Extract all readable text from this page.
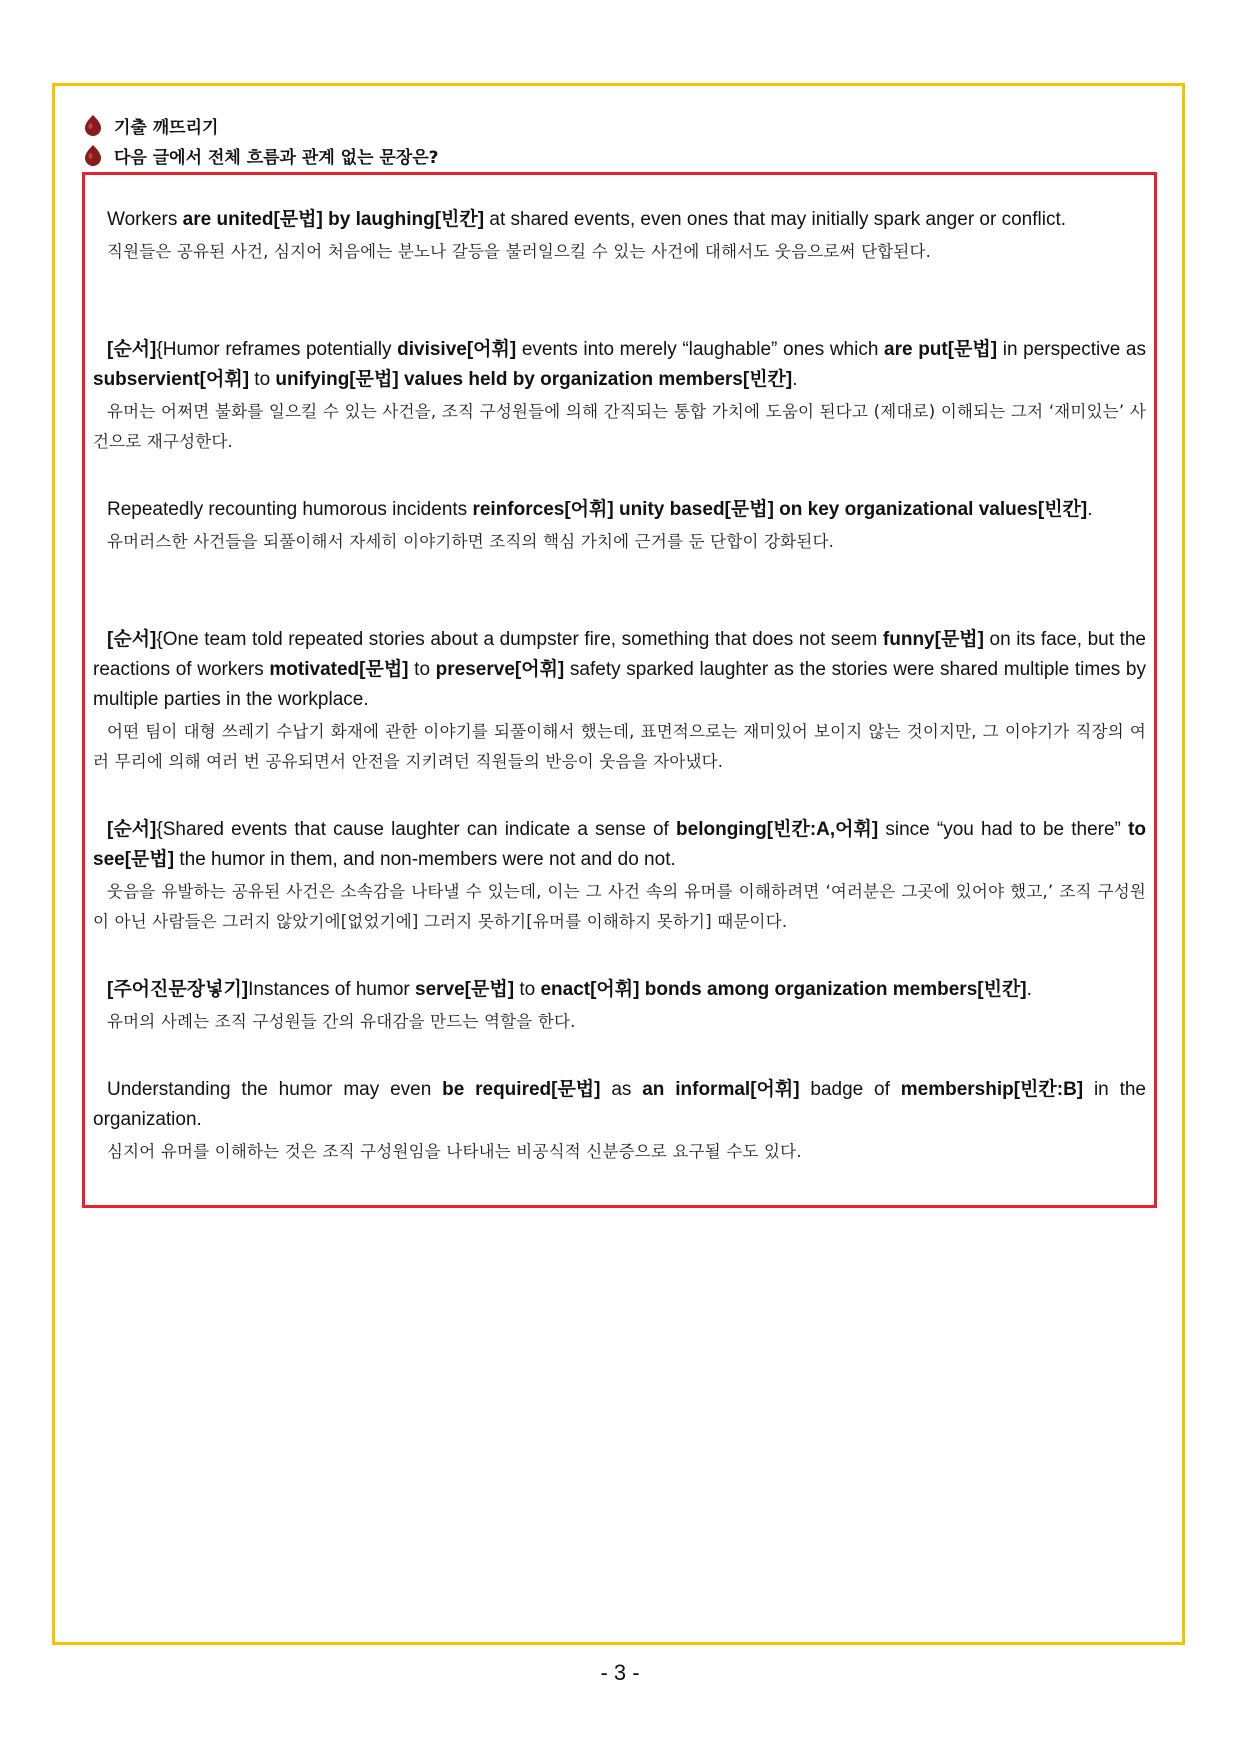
기출 깨뜨리기
다음 글에서 전체 흐름과 관계 없는 문장은?

Workers are united[문법] by laughing[빈칸] at shared events, even ones that may initially spark anger or conflict.

직원들은 공유된 사건, 심지어 처음에는 분노나 갈등을 불러일으킬 수 있는 사건에 대해서도 웃음으로써 단합된다.

[순서]{Humor reframes potentially divisive[어휘] events into merely “laughable” ones which are put[문법] in perspective as subservient[어휘] to unifying[문법] values held by organization members[빈칸].

유머는 어쩌면 불화를 일으킬 수 있는 사건을, 조직 구성원들에 의해 간직되는 통합 가치에 도움이 된다고 (제대로) 이해되는 그저 ‘재미있는’ 사건으로 재구성한다.

Repeatedly recounting humorous incidents reinforces[어휘] unity based[문법] on key organizational values[빈칸].

유머러스한 사건들을 되풀이해서 자세히 이야기하면 조직의 핵심 가치에 근거를 둔 단합이 강화된다.

[순서]{One team told repeated stories about a dumpster fire, something that does not seem funny[문법] on its face, but the reactions of workers motivated[문법] to preserve[어휘] safety sparked laughter as the stories were shared multiple times by multiple parties in the workplace.

어떤 팀이 대형 쓰레기 수납기 화재에 관한 이야기를 되풀이해서 했는데, 표면적으로는 재미있어 보이지 않는 것이지만, 그 이야기가 직장의 여러 무리에 의해 여러 번 공유되면서 안전을 지키려던 직원들의 반응이 웃음을 자아냈다.

[순서]{Shared events that cause laughter can indicate a sense of belonging[빈칸:A,어휘] since “you had to be there” to see[문법] the humor in them, and non-members were not and do not.

웃음을 유발하는 공유된 사건은 소속감을 나타낼 수 있는데, 이는 그 사건 속의 유머를 이해하려면 ‘여러분은 그곳에 있어야 했고,’ 조직 구성원이 아닌 사람들은 그러지 않았기에[없었기에] 그러지 못하기[유머를 이해하지 못하기] 때문이다.

[주어진문장넣기]Instances of humor serve[문법] to enact[어휘] bonds among organization members[빈칸].

유머의 사례는 조직 구성원들 간의 유대감을 만드는 역할을 한다.

Understanding the humor may even be required[문법] as an informal[어휘] badge of membership[빈칸:B] in the organization.

심지어 유머를 이해하는 것은 조직 구성원임을 나타내는 비공식적 신분증으로 요구될 수도 있다.

- 3 -
